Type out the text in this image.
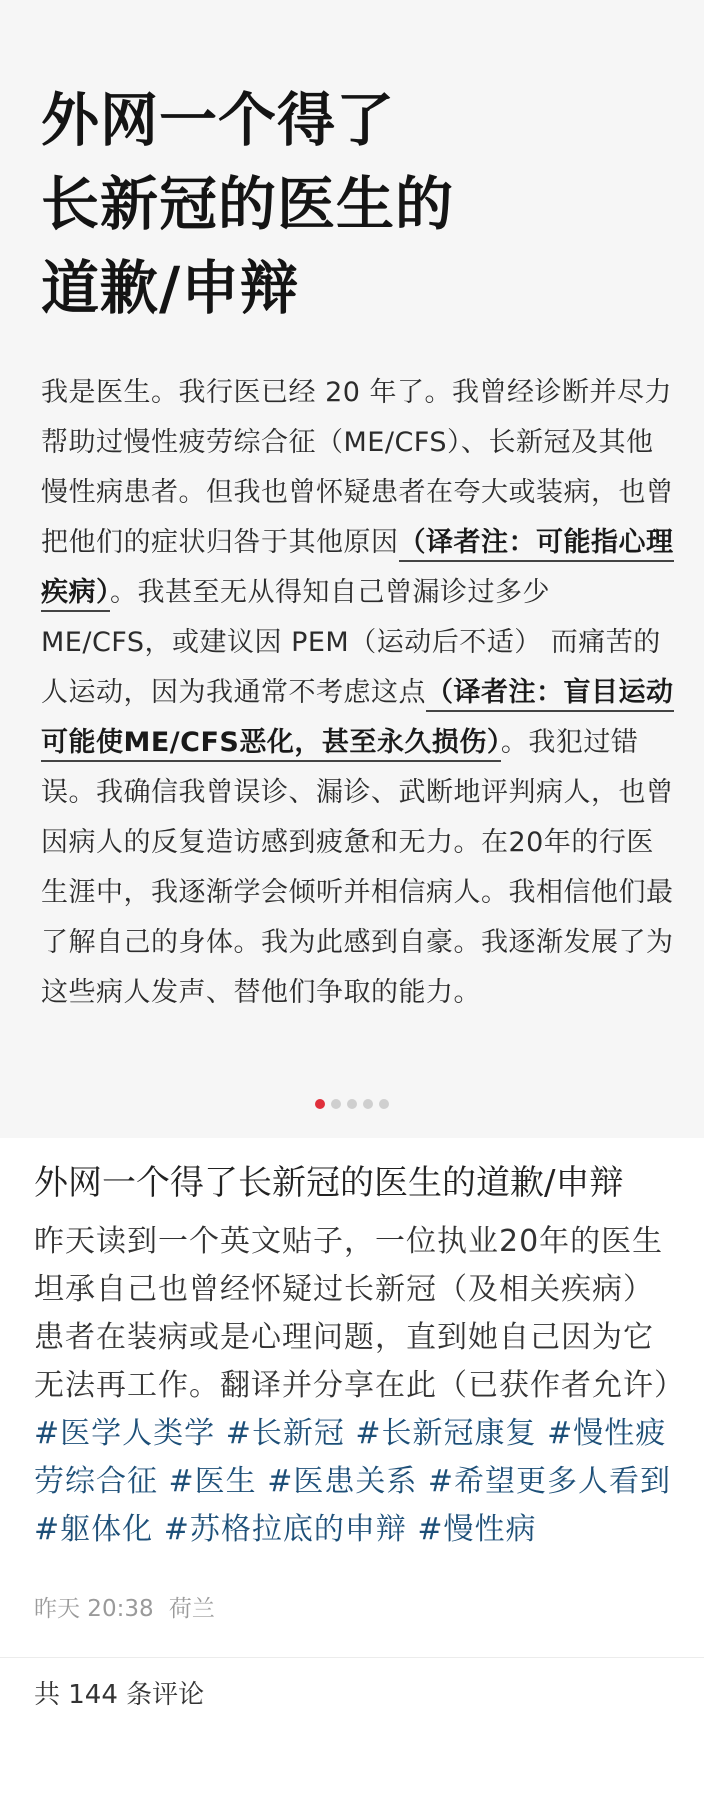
外网一个得了
长新冠的医生的
道歉/申辩
我是医生。我行医已经 20 年了。我曾经诊断并尽力帮助过慢性疲劳综合征（ME/CFS）、长新冠及其他慢性病患者。但我也曾怀疑患者在夸大或装病，也曾把他们的症状归咎于其他原因（译者注：可能指心理疾病）。我甚至无从得知自己曾漏诊过多少ME/CFS，或建议因 PEM（运动后不适） 而痛苦的人运动，因为我通常不考虑这点（译者注：盲目运动可能使ME/CFS恶化，甚至永久损伤）。我犯过错误。我确信我曾误诊、漏诊、武断地评判病人，也曾因病人的反复造访感到疲惫和无力。在20年的行医生涯中，我逐渐学会倾听并相信病人。我相信他们最了解自己的身体。我为此感到自豪。我逐渐发展了为这些病人发声、替他们争取的能力。
外网一个得了长新冠的医生的道歉/申辩
昨天读到一个英文贴子，一位执业20年的医生坦承自己也曾经怀疑过长新冠（及相关疾病）患者在装病或是心理问题，直到她自己因为它无法再工作。翻译并分享在此（已获作者允许）#医学人类学 #长新冠 #长新冠康复 #慢性疲劳综合征 #医生 #医患关系 #希望更多人看到 #躯体化 #苏格拉底的申辩 #慢性病
昨天 20:38 荷兰
共 144 条评论
